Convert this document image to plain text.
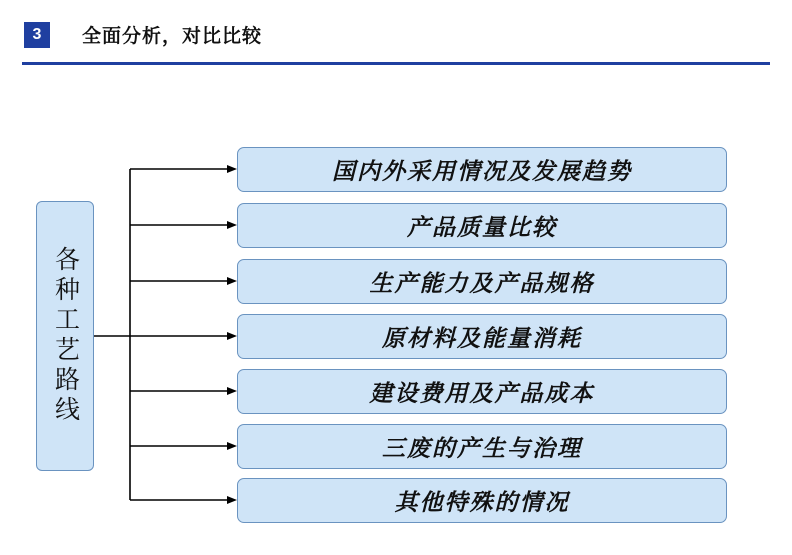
3	全面分析，对比比较
各种工艺路线
国内外采用情况及发展趋势
产品质量比较
生产能力及产品规格
原材料及能量消耗
建设费用及产品成本
三废的产生与治理
其他特殊的情况
